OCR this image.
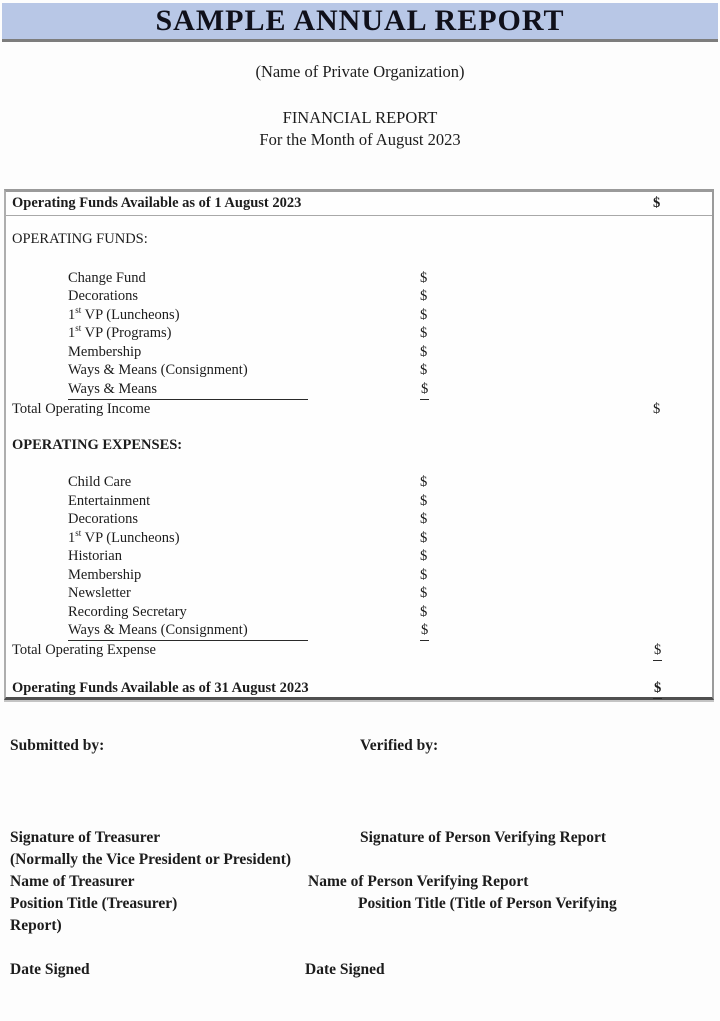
SAMPLE ANNUAL REPORT
(Name of Private Organization)
FINANCIAL REPORT
For the Month of August 2023
Operating Funds Available as of 1 August 2023	$
OPERATING FUNDS:
Change Fund	$
Decorations	$
1st VP (Luncheons)	$
1st VP (Programs)	$
Membership	$
Ways & Means (Consignment)	$
Ways & Means	$
Total Operating Income	$
OPERATING EXPENSES:
Child Care	$
Entertainment	$
Decorations	$
1st VP (Luncheons)	$
Historian	$
Membership	$
Newsletter	$
Recording Secretary	$
Ways & Means (Consignment)	$
Total Operating Expense	$
Operating Funds Available as of 31 August 2023	$
Submitted by:	Verified by:
Signature of Treasurer	Signature of Person Verifying Report
(Normally the Vice President or President)
Name of Treasurer	Name of Person Verifying Report
Position Title (Treasurer)	Position Title (Title of Person Verifying
Report)
Date Signed	Date Signed
